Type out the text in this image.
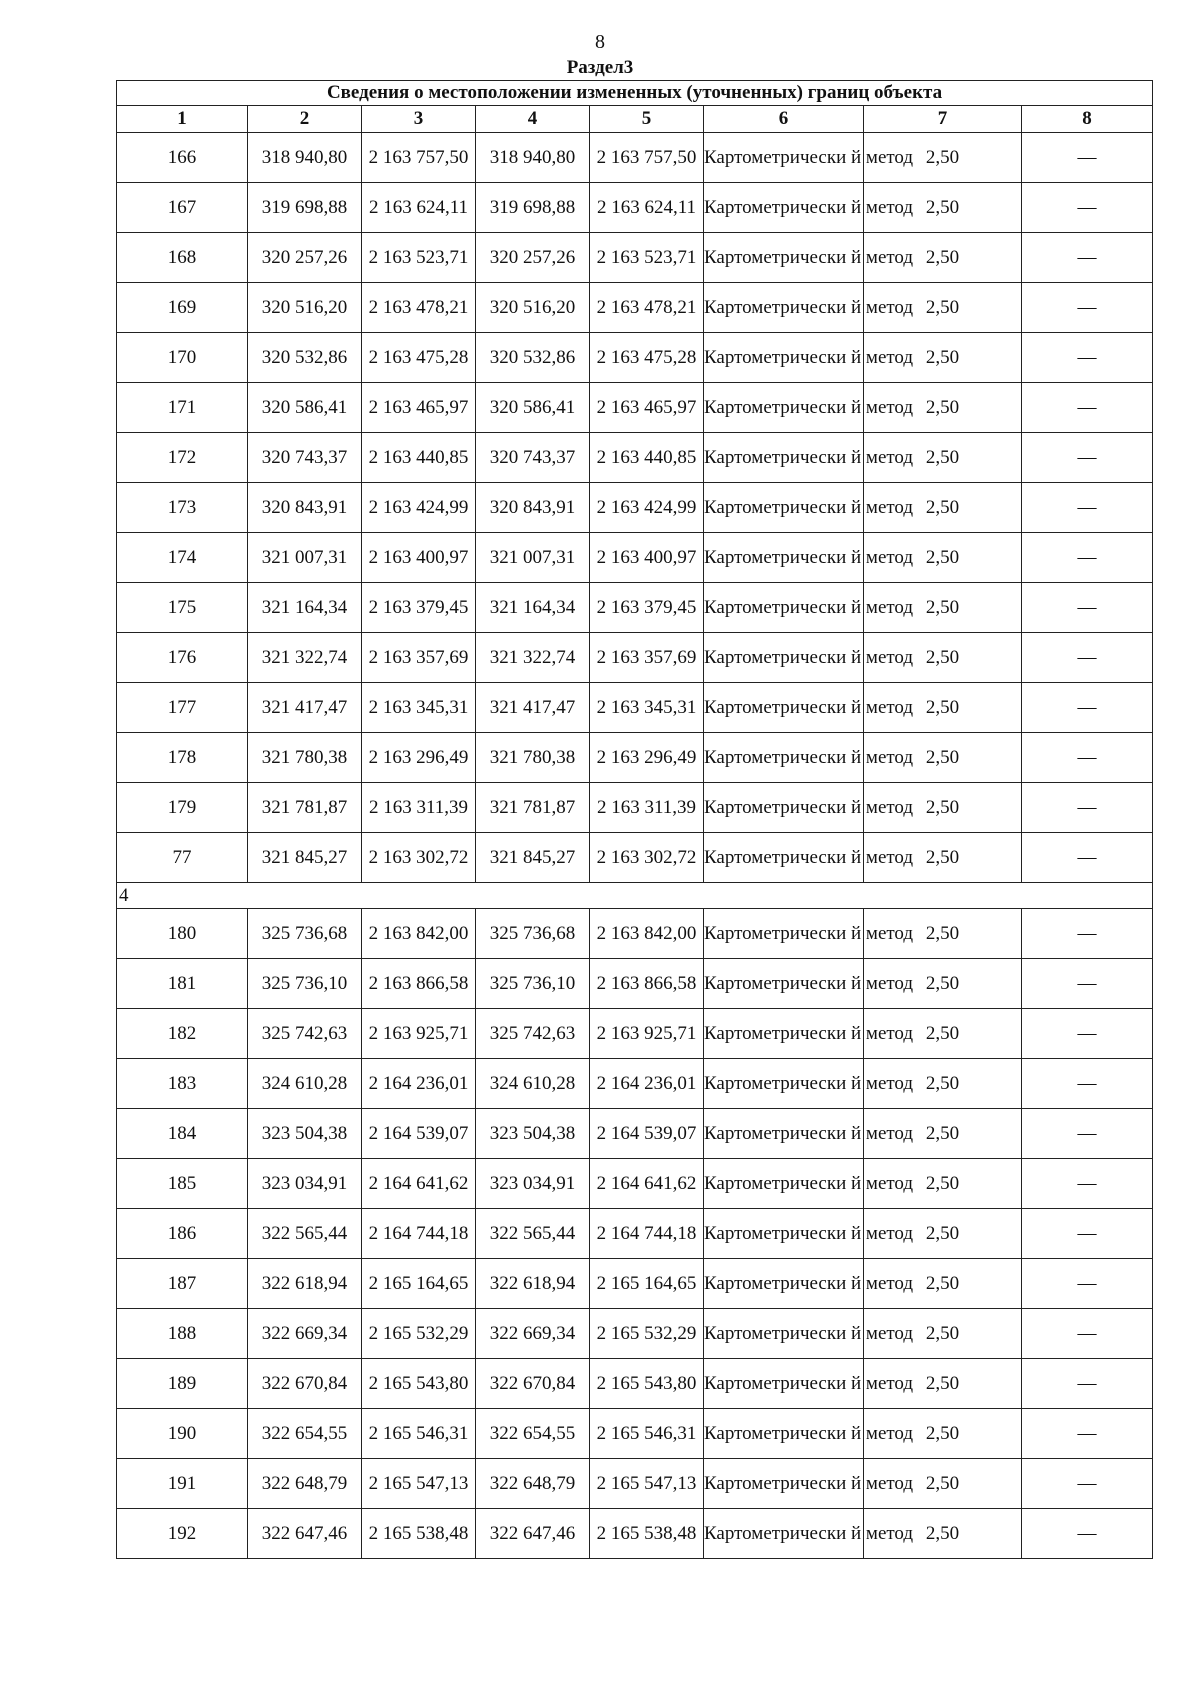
8
Раздел3
Сведения о местоположении измененных (уточненных) границ объекта							
1	2	3	4	5	6	7	8
166	318 940,80	2 163 757,50	318 940,80	2 163 757,50	Картометрически й метод	2,50	—
167	319 698,88	2 163 624,11	319 698,88	2 163 624,11	Картометрически й метод	2,50	—
168	320 257,26	2 163 523,71	320 257,26	2 163 523,71	Картометрически й метод	2,50	—
169	320 516,20	2 163 478,21	320 516,20	2 163 478,21	Картометрически й метод	2,50	—
170	320 532,86	2 163 475,28	320 532,86	2 163 475,28	Картометрически й метод	2,50	—
171	320 586,41	2 163 465,97	320 586,41	2 163 465,97	Картометрически й метод	2,50	—
172	320 743,37	2 163 440,85	320 743,37	2 163 440,85	Картометрически й метод	2,50	—
173	320 843,91	2 163 424,99	320 843,91	2 163 424,99	Картометрически й метод	2,50	—
174	321 007,31	2 163 400,97	321 007,31	2 163 400,97	Картометрически й метод	2,50	—
175	321 164,34	2 163 379,45	321 164,34	2 163 379,45	Картометрически й метод	2,50	—
176	321 322,74	2 163 357,69	321 322,74	2 163 357,69	Картометрически й метод	2,50	—
177	321 417,47	2 163 345,31	321 417,47	2 163 345,31	Картометрически й метод	2,50	—
178	321 780,38	2 163 296,49	321 780,38	2 163 296,49	Картометрически й метод	2,50	—
179	321 781,87	2 163 311,39	321 781,87	2 163 311,39	Картометрически й метод	2,50	—
77	321 845,27	2 163 302,72	321 845,27	2 163 302,72	Картометрически й метод	2,50	—
4							
180	325 736,68	2 163 842,00	325 736,68	2 163 842,00	Картометрически й метод	2,50	—
181	325 736,10	2 163 866,58	325 736,10	2 163 866,58	Картометрически й метод	2,50	—
182	325 742,63	2 163 925,71	325 742,63	2 163 925,71	Картометрически й метод	2,50	—
183	324 610,28	2 164 236,01	324 610,28	2 164 236,01	Картометрически й метод	2,50	—
184	323 504,38	2 164 539,07	323 504,38	2 164 539,07	Картометрически й метод	2,50	—
185	323 034,91	2 164 641,62	323 034,91	2 164 641,62	Картометрически й метод	2,50	—
186	322 565,44	2 164 744,18	322 565,44	2 164 744,18	Картометрически й метод	2,50	—
187	322 618,94	2 165 164,65	322 618,94	2 165 164,65	Картометрически й метод	2,50	—
188	322 669,34	2 165 532,29	322 669,34	2 165 532,29	Картометрически й метод	2,50	—
189	322 670,84	2 165 543,80	322 670,84	2 165 543,80	Картометрически й метод	2,50	—
190	322 654,55	2 165 546,31	322 654,55	2 165 546,31	Картометрически й метод	2,50	—
191	322 648,79	2 165 547,13	322 648,79	2 165 547,13	Картометрически й метод	2,50	—
192	322 647,46	2 165 538,48	322 647,46	2 165 538,48	Картометрически й метод	2,50	—
